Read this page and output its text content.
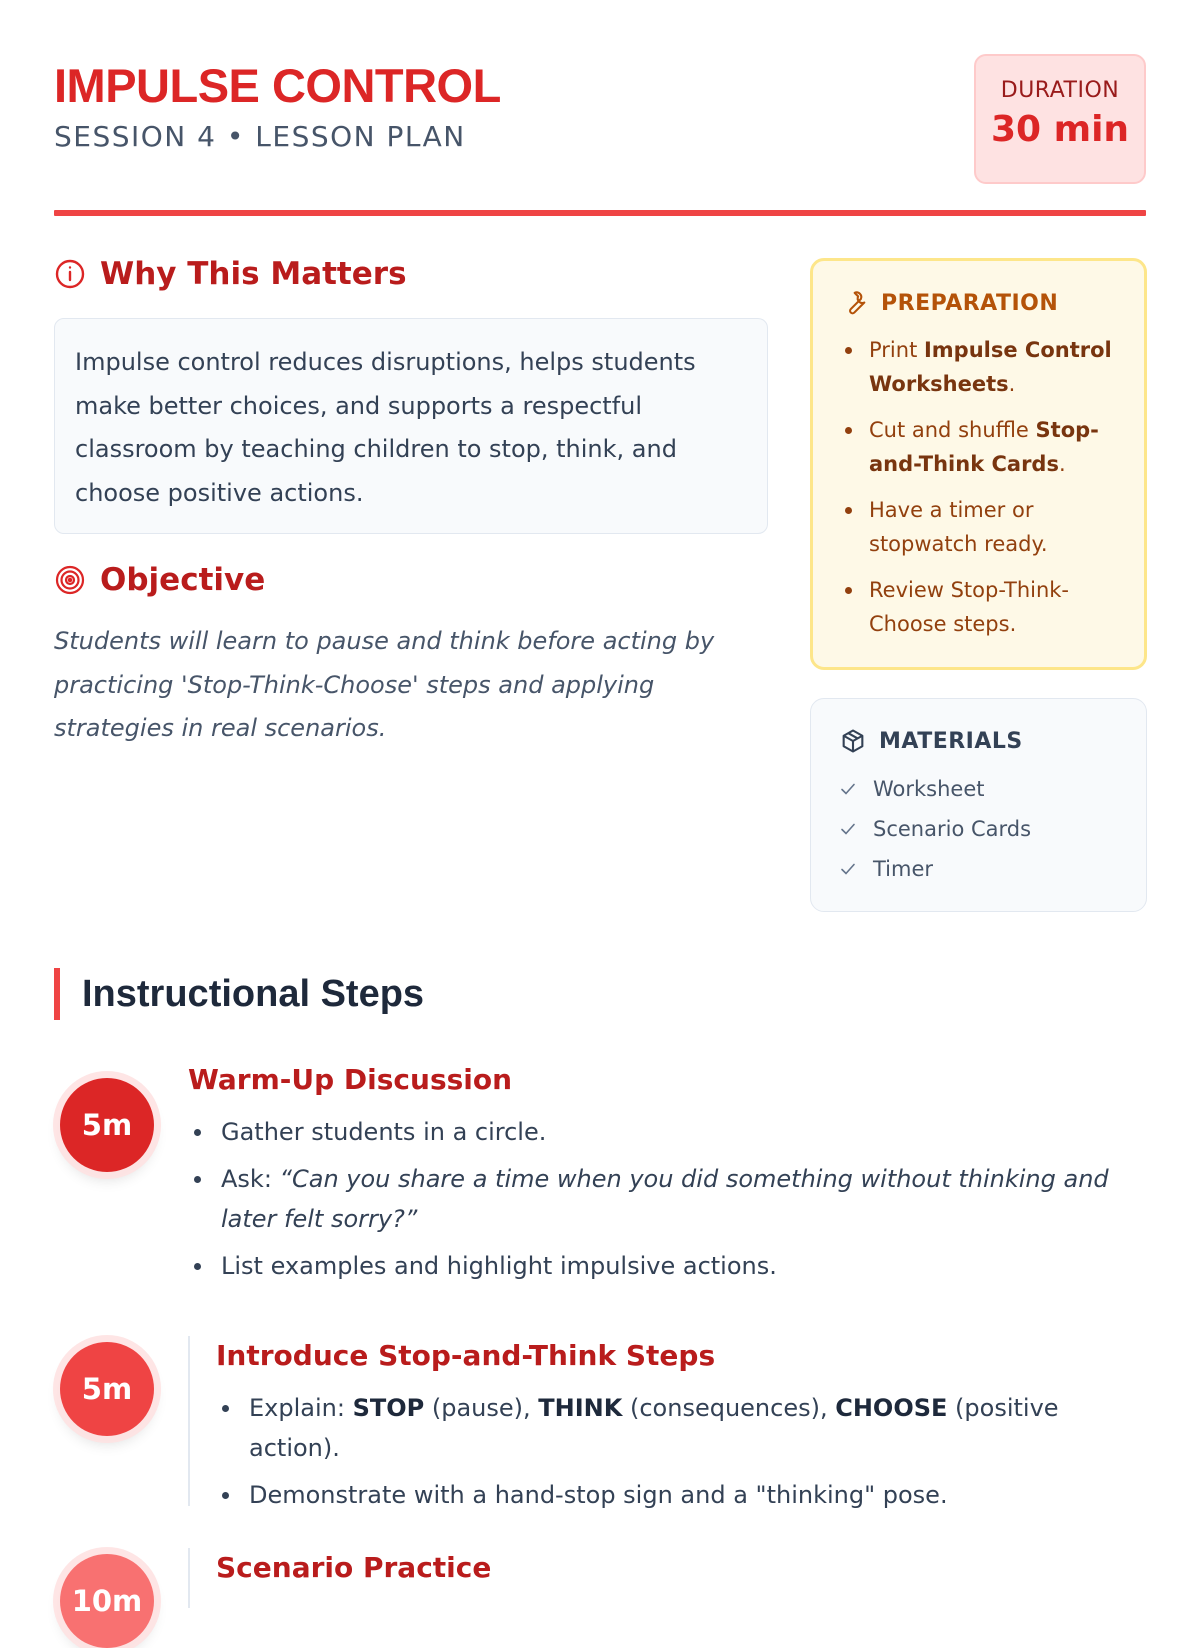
IMPULSE CONTROL
SESSION 4 • LESSON PLAN
DURATION
30 min
Why This Matters
Impulse control reduces disruptions, helps students make better choices, and supports a respectful classroom by teaching children to stop, think, and choose positive actions.
Objective
Students will learn to pause and think before acting by practicing 'Stop-Think-Choose' steps and applying strategies in real scenarios.
PREPARATION
Print Impulse Control Worksheets.
Cut and shuffle Stop-and-Think Cards.
Have a timer or stopwatch ready.
Review Stop-Think-Choose steps.
MATERIALS
Worksheet
Scenario Cards
Timer
Instructional Steps
5m
Warm-Up Discussion
Gather students in a circle.
Ask: “Can you share a time when you did something without thinking and later felt sorry?”
List examples and highlight impulsive actions.
5m
Introduce Stop-and-Think Steps
Explain: STOP (pause), THINK (consequences), CHOOSE (positive action).
Demonstrate with a hand-stop sign and a "thinking" pose.
10m
Scenario Practice
